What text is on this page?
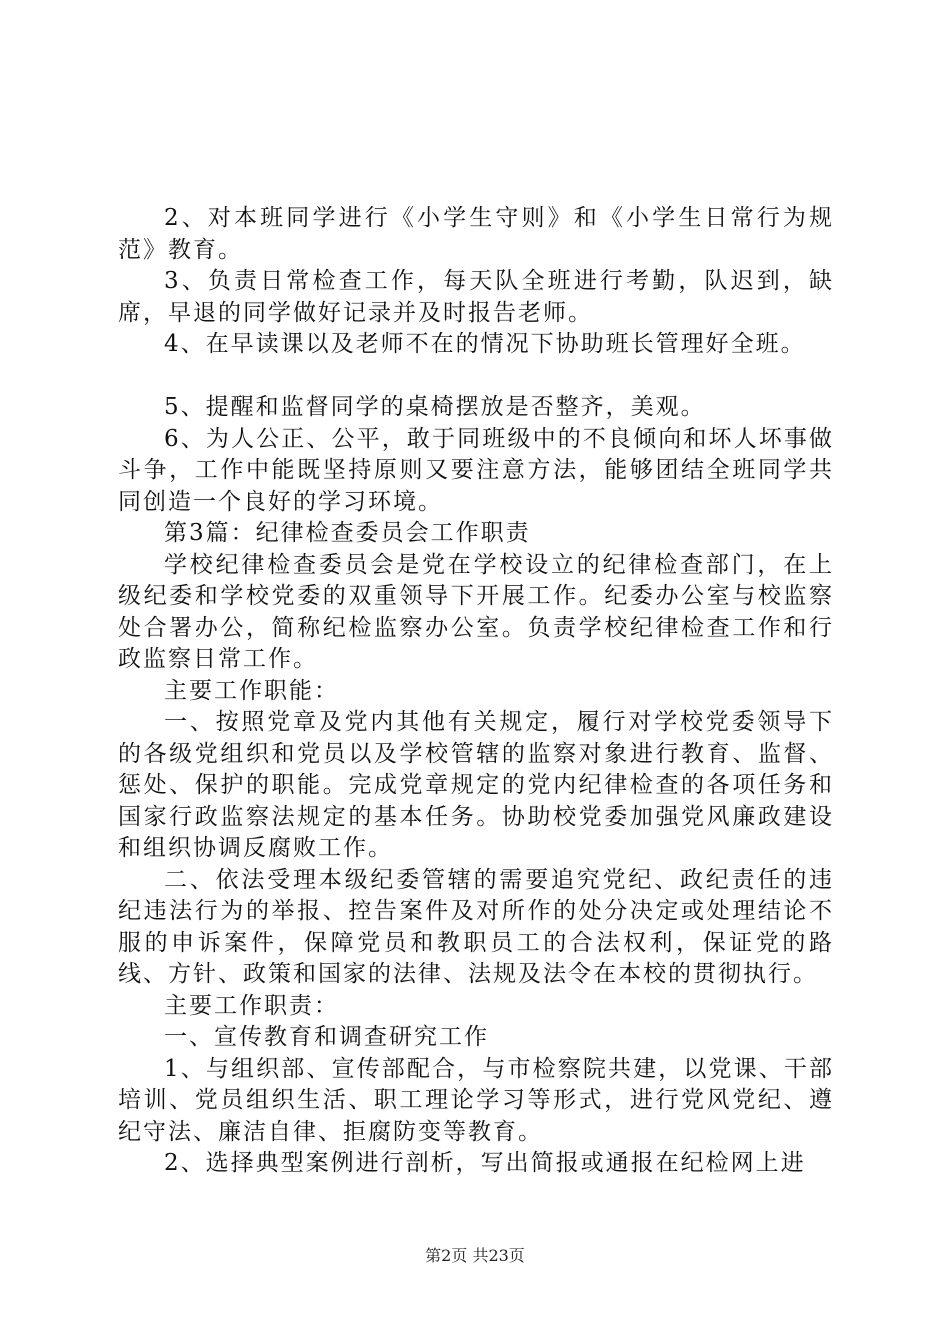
2、对本班同学进行《小学生守则》和《小学生日常行为规范》教育。

3、负责日常检查工作，每天队全班进行考勤，队迟到，缺席，早退的同学做好记录并及时报告老师。

4、在早读课以及老师不在的情况下协助班长管理好全班。

5、提醒和监督同学的桌椅摆放是否整齐，美观。

6、为人公正、公平，敢于同班级中的不良倾向和坏人坏事做斗争，工作中能既坚持原则又要注意方法，能够团结全班同学共同创造一个良好的学习环境。

第3篇：纪律检查委员会工作职责

学校纪律检查委员会是党在学校设立的纪律检查部门，在上级纪委和学校党委的双重领导下开展工作。纪委办公室与校监察处合署办公，简称纪检监察办公室。负责学校纪律检查工作和行政监察日常工作。

主要工作职能：

一、按照党章及党内其他有关规定，履行对学校党委领导下的各级党组织和党员以及学校管辖的监察对象进行教育、监督、惩处、保护的职能。完成党章规定的党内纪律检查的各项任务和国家行政监察法规定的基本任务。协助校党委加强党风廉政建设和组织协调反腐败工作。

二、依法受理本级纪委管辖的需要追究党纪、政纪责任的违纪违法行为的举报、控告案件及对所作的处分决定或处理结论不服的申诉案件，保障党员和教职员工的合法权利，保证党的路线、方针、政策和国家的法律、法规及法令在本校的贯彻执行。

主要工作职责：

一、宣传教育和调查研究工作

1、与组织部、宣传部配合，与市检察院共建，以党课、干部培训、党员组织生活、职工理论学习等形式，进行党风党纪、遵纪守法、廉洁自律、拒腐防变等教育。

2、选择典型案例进行剖析，写出简报或通报在纪检网上进

第2页 共23页
